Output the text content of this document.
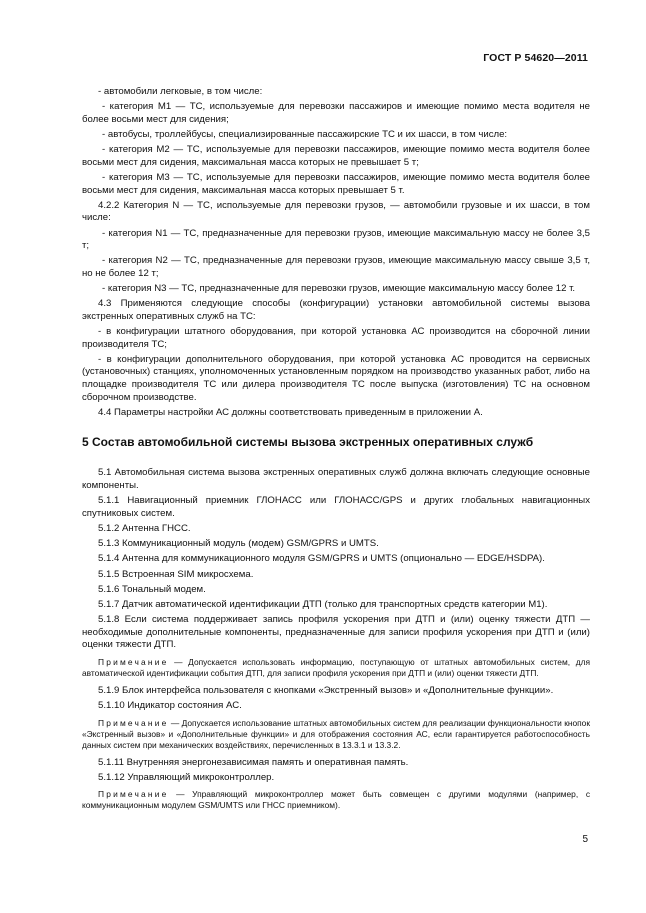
ГОСТ Р 54620—2011

- автомобили легковые, в том числе:

- категория М1 — ТС, используемые для перевозки пассажиров и имеющие помимо места водителя не более восьми мест для сидения;

- автобусы, троллейбусы, специализированные пассажирские ТС и их шасси, в том числе:

- категория М2 — ТС, используемые для перевозки пассажиров, имеющие помимо места водителя более восьми мест для сидения, максимальная масса которых не превышает 5 т;

- категория М3 — ТС, используемые для перевозки пассажиров, имеющие помимо места водителя более восьми мест для сидения, максимальная масса которых превышает 5 т.

4.2.2 Категория N — ТС, используемые для перевозки грузов, — автомобили грузовые и их шасси, в том числе:

- категория N1 — ТС, предназначенные для перевозки грузов, имеющие максимальную массу не более 3,5 т;

- категория N2 — ТС, предназначенные для перевозки грузов, имеющие максимальную массу свыше 3,5 т, но не более 12 т;

- категория N3 — ТС, предназначенные для перевозки грузов, имеющие максимальную массу более 12 т.

4.3 Применяются следующие способы (конфигурации) установки автомобильной системы вызова экстренных оперативных служб на ТС:

- в конфигурации штатного оборудования, при которой установка АС производится на сборочной линии производителя ТС;

- в конфигурации дополнительного оборудования, при которой установка АС проводится на сервисных (установочных) станциях, уполномоченных установленным порядком на производство указанных работ, либо на площадке производителя ТС или дилера производителя ТС после выпуска (изготовления) ТС на основном сборочном производстве.

4.4 Параметры настройки АС должны соответствовать приведенным в приложении А.

5 Состав автомобильной системы вызова экстренных оперативных служб

5.1 Автомобильная система вызова экстренных оперативных служб должна включать следующие основные компоненты.

5.1.1 Навигационный приемник ГЛОНАСС или ГЛОНАСС/GPS и других глобальных навигационных спутниковых систем.

5.1.2 Антенна ГНСС.

5.1.3 Коммуникационный модуль (модем) GSM/GPRS и UMTS.

5.1.4 Антенна для коммуникационного модуля GSM/GPRS и UMTS (опционально — EDGE/HSDPA).

5.1.5 Встроенная SIM микросхема.

5.1.6 Тональный модем.

5.1.7 Датчик автоматической идентификации ДТП (только для транспортных средств категории М1).

5.1.8 Если система поддерживает запись профиля ускорения при ДТП и (или) оценку тяжести ДТП — необходимые дополнительные компоненты, предназначенные для записи профиля ускорения при ДТП и (или) оценки тяжести ДТП.

Примечание — Допускается использовать информацию, поступающую от штатных автомобильных систем, для автоматической идентификации события ДТП, для записи профиля ускорения при ДТП и (или) оценки тяжести ДТП.

5.1.9 Блок интерфейса пользователя с кнопками «Экстренный вызов» и «Дополнительные функции».

5.1.10 Индикатор состояния АС.

Примечание — Допускается использование штатных автомобильных систем для реализации функциональности кнопок «Экстренный вызов» и «Дополнительные функции» и для отображения состояния АС, если гарантируется работоспособность данных систем при механических воздействиях, перечисленных в 13.3.1 и 13.3.2.

5.1.11 Внутренняя энергонезависимая память и оперативная память.

5.1.12 Управляющий микроконтроллер.

Примечание — Управляющий микроконтроллер может быть совмещен с другими модулями (например, с коммуникационным модулем GSM/UMTS или ГНСС приемником).

5
